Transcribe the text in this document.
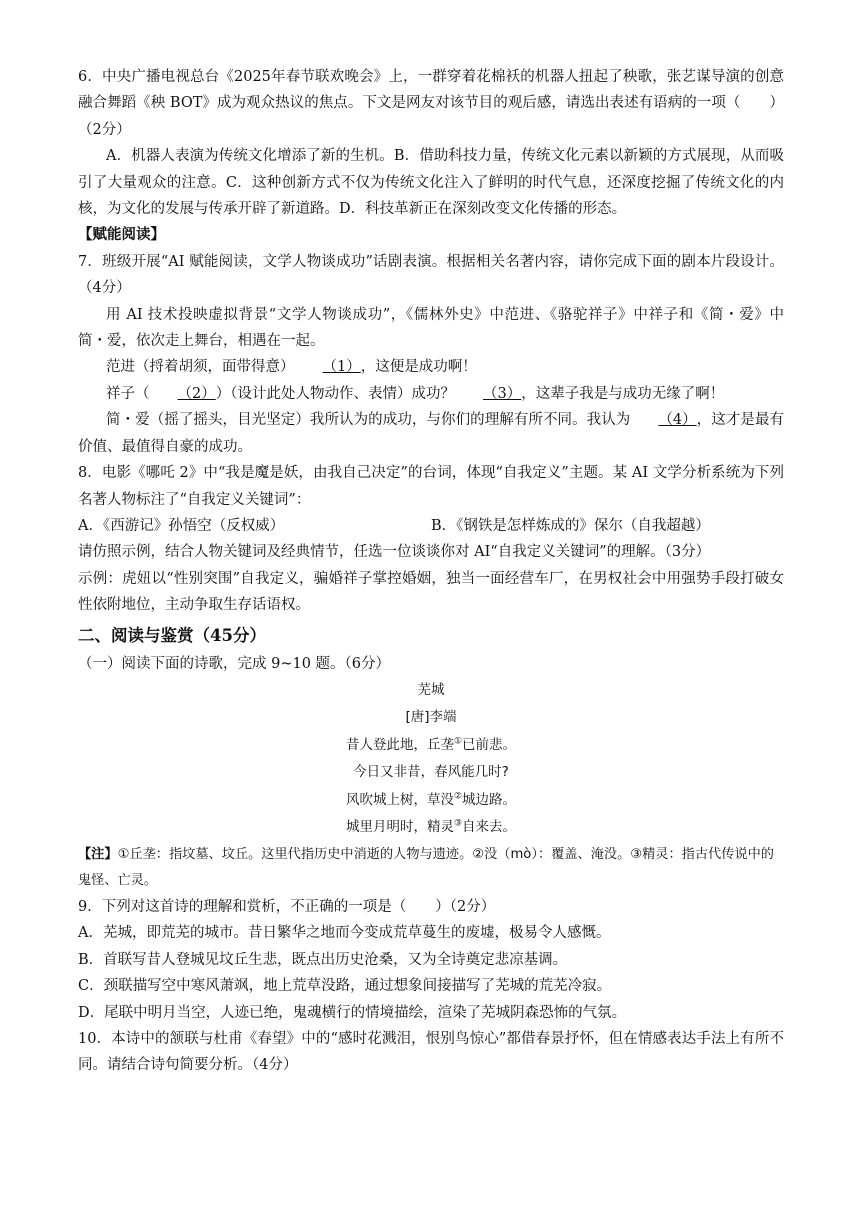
6．中央广播电视总台《2025年春节联欢晚会》上，一群穿着花棉袄的机器人扭起了秧歌，张艺谋导演的创意融合舞蹈《秧 BOT》成为观众热议的焦点。下文是网友对该节目的观后感，请选出表述有语病的一项（　　）（2分）

A．机器人表演为传统文化增添了新的生机。B．借助科技力量，传统文化元素以新颖的方式展现，从而吸引了大量观众的注意。C．这种创新方式不仅为传统文化注入了鲜明的时代气息，还深度挖掘了传统文化的内核，为文化的发展与传承开辟了新道路。D．科技革新正在深刻改变文化传播的形态。

【赋能阅读】

7．班级开展“AI 赋能阅读，文学人物谈成功”话剧表演。根据相关名著内容，请你完成下面的剧本片段设计。（4分）

用 AI 技术投映虚拟背景“文学人物谈成功”，《儒林外史》中范进、《骆驼祥子》中祥子和《简・爱》中简・爱，依次走上舞台，相遇在一起。

范进（捋着胡须，面带得意） （1），这便是成功啊！

祥子（ （2））（设计此处人物动作、表情）成功？ （3），这辈子我是与成功无缘了啊！

简・爱（摇了摇头，目光坚定）我所认为的成功，与你们的理解有所不同。我认为 （4），这才是最有价值、最值得自豪的成功。

8．电影《哪吒 2》中“我是魔是妖，由我自己决定”的台词，体现“自我定义”主题。某 AI 文学分析系统为下列名著人物标注了“自我定义关键词”：

A．《西游记》孙悟空（反权威）	B．《钢铁是怎样炼成的》保尔（自我超越）

请仿照示例，结合人物关键词及经典情节，任选一位谈谈你对 AI“自我定义关键词”的理解。（3分）

示例：虎妞以“性别突围”自我定义，骗婚祥子掌控婚姻，独当一面经营车厂，在男权社会中用强势手段打破女性依附地位，主动争取生存话语权。

二、阅读与鉴赏（45分）

（一）阅读下面的诗歌，完成 9~10 题。（6分）

芜城
[唐]李端
昔人登此地，丘垄①已前悲。
今日又非昔，春风能几时?
风吹城上树，草没②城边路。
城里月明时，精灵③自来去。

【注】①丘垄：指坟墓、坟丘。这里代指历史中消逝的人物与遗迹。②没（mò）：覆盖、淹没。③精灵：指古代传说中的鬼怪、亡灵。

9．下列对这首诗的理解和赏析，不正确的一项是（　　）（2分）

A．芜城，即荒芜的城市。昔日繁华之地而今变成荒草蔓生的废墟，极易令人感慨。

B．首联写昔人登城见坟丘生悲，既点出历史沧桑，又为全诗奠定悲凉基调。

C．颈联描写空中寒风萧飒，地上荒草没路，通过想象间接描写了芜城的荒芜冷寂。

D．尾联中明月当空，人迹已绝，鬼魂横行的情境描绘，渲染了芜城阴森恐怖的气氛。

10．本诗中的颔联与杜甫《春望》中的“感时花溅泪，恨别鸟惊心”都借春景抒怀，但在情感表达手法上有所不同。请结合诗句简要分析。（4分）
